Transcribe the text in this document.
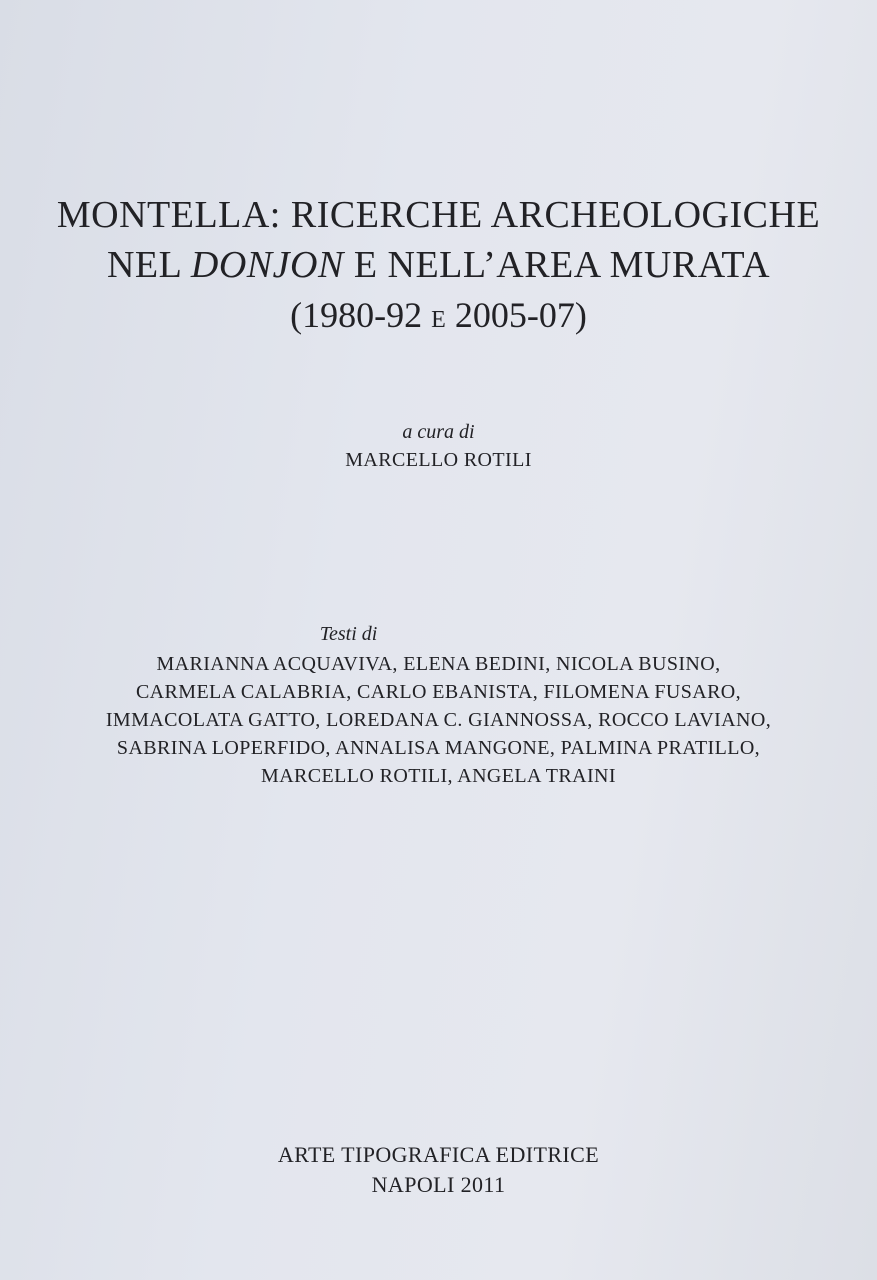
MONTELLA: RICERCHE ARCHEOLOGICHE
NEL DONJON E NELL’AREA MURATA
(1980-92 E 2005-07)
a cura di
MARCELLO ROTILI
Testi di
MARIANNA ACQUAVIVA, ELENA BEDINI, NICOLA BUSINO,
CARMELA CALABRIA, CARLO EBANISTA, FILOMENA FUSARO,
IMMACOLATA GATTO, LOREDANA C. GIANNOSSA, ROCCO LAVIANO,
SABRINA LOPERFIDO, ANNALISA MANGONE, PALMINA PRATILLO,
MARCELLO ROTILI, ANGELA TRAINI
ARTE TIPOGRAFICA EDITRICE
NAPOLI 2011
